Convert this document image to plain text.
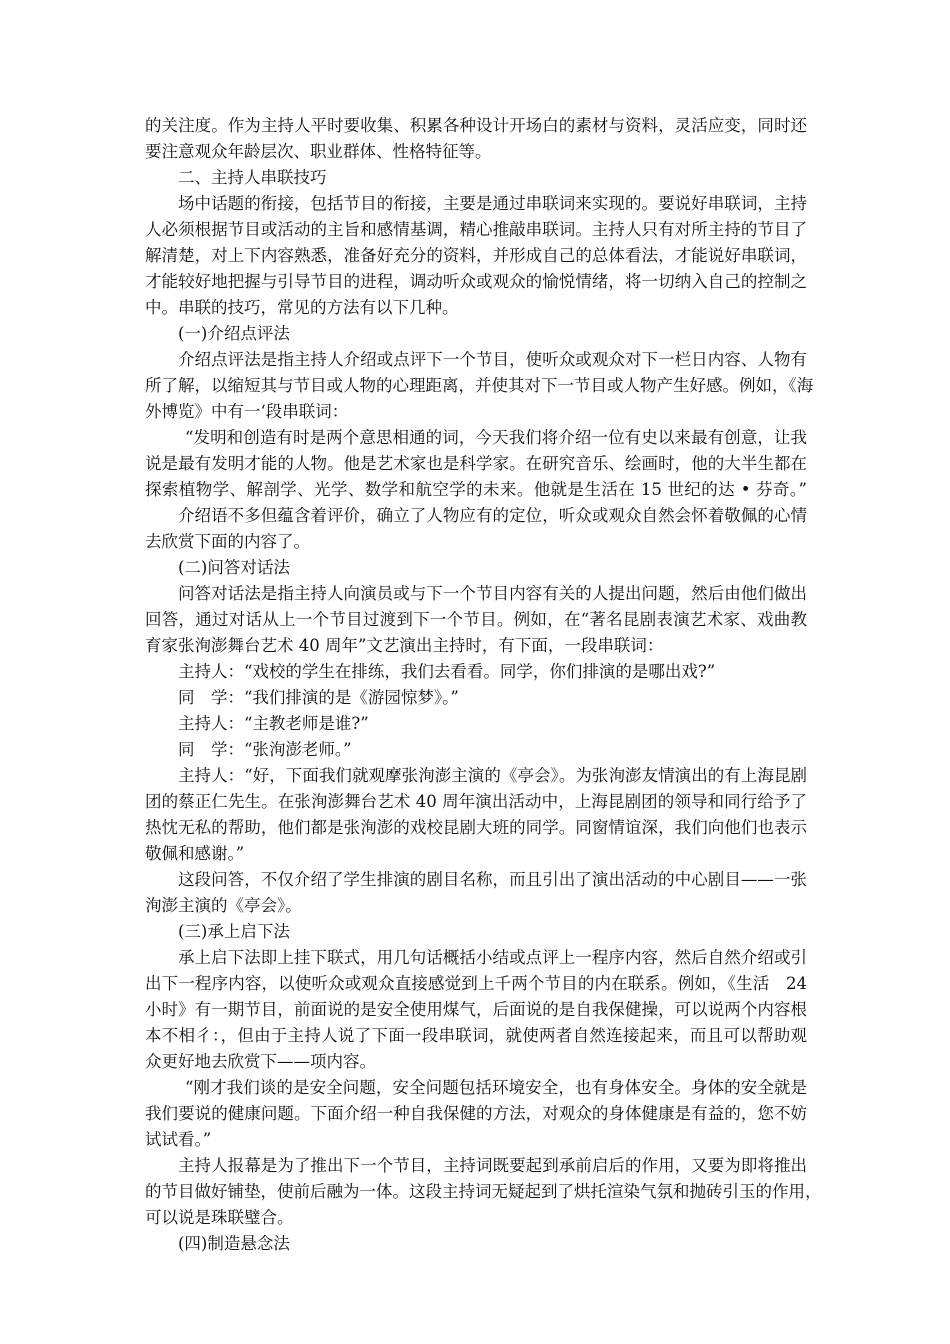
的关注度。作为主持人平时要收集、积累各种设计开场白的素材与资料，灵活应变，同时还
要注意观众年龄层次、职业群体、性格特征等。
二、主持人串联技巧
场中话题的衔接，包括节目的衔接，主要是通过串联词来实现的。要说好串联词，主持
人必须根据节目或活动的主旨和感情基调，精心推敲串联词。主持人只有对所主持的节目了
解清楚，对上下内容熟悉，准备好充分的资料，并形成自己的总体看法，才能说好串联词，
才能较好地把握与引导节目的进程，调动听众或观众的愉悦情绪，将一切纳入自己的控制之
中。串联的技巧，常见的方法有以下几种。
(一)介绍点评法
介绍点评法是指主持人介绍或点评下一个节目，使听众或观众对下一栏日内容、人物有
所了解，以缩短其与节目或人物的心理距离，并使其对下一节目或人物产生好感。例如，《海
外博览》中有一‘段串联词：
“发明和创造有时是两个意思相通的词，今天我们将介绍一位有史以来最有创意，让我
说是最有发明才能的人物。他是艺术家也是科学家。在研究音乐、绘画时，他的大半生都在
探索植物学、解剖学、光学、数学和航空学的未来。他就是生活在 15 世纪的达 • 芬奇。”
介绍语不多但蕴含着评价，确立了人物应有的定位，听众或观众自然会怀着敬佩的心情
去欣赏下面的内容了。
(二)问答对话法
问答对话法是指主持人向演员或与下一个节目内容有关的人提出问题，然后由他们做出
回答，通过对话从上一个节目过渡到下一个节目。例如，在“著名昆剧表演艺术家、戏曲教
育家张洵澎舞台艺术 40 周年”文艺演出主持时，有下面，一段串联词：
主持人：“戏校的学生在排练，我们去看看。同学，你们排演的是哪出戏?”
同　学：“我们排演的是《游园惊梦》。”
主持人：“主教老师是谁?”
同　学：“张洵澎老师。”
主持人：“好，下面我们就观摩张洵澎主演的《亭会》。为张洵澎友情演出的有上海昆剧
团的蔡正仁先生。在张洵澎舞台艺术 40 周年演出活动中，上海昆剧团的领导和同行给予了
热忱无私的帮助，他们都是张洵澎的戏校昆剧大班的同学。同窗情谊深，我们向他们也表示
敬佩和感谢。”
这段问答，不仅介绍了学生排演的剧目名称，而且引出了演出活动的中心剧目——一张
洵澎主演的《亭会》。
(三)承上启下法
承上启下法即上挂下联式，用几句话概括小结或点评上一程序内容，然后自然介绍或引
出下一程序内容，以使听众或观众直接感觉到上千两个节目的内在联系。例如，《生活　24
小时》有一期节目，前面说的是安全使用煤气，后面说的是自我保健操，可以说两个内容根
本不相彳：，但由于主持人说了下面一段串联词，就使两者自然连接起来，而且可以帮助观
众更好地去欣赏下——项内容。
“刚才我们谈的是安全问题，安全问题包括环境安全，也有身体安全。身体的安全就是
我们要说的健康问题。下面介绍一种自我保健的方法，对观众的身体健康是有益的，您不妨
试试看。”
主持人报幕是为了推出下一个节目，主持词既要起到承前启后的作用，又要为即将推出
的节目做好铺垫，使前后融为一体。这段主持词无疑起到了烘托渲染气氛和抛砖引玉的作用，
可以说是珠联璧合。
(四)制造悬念法
